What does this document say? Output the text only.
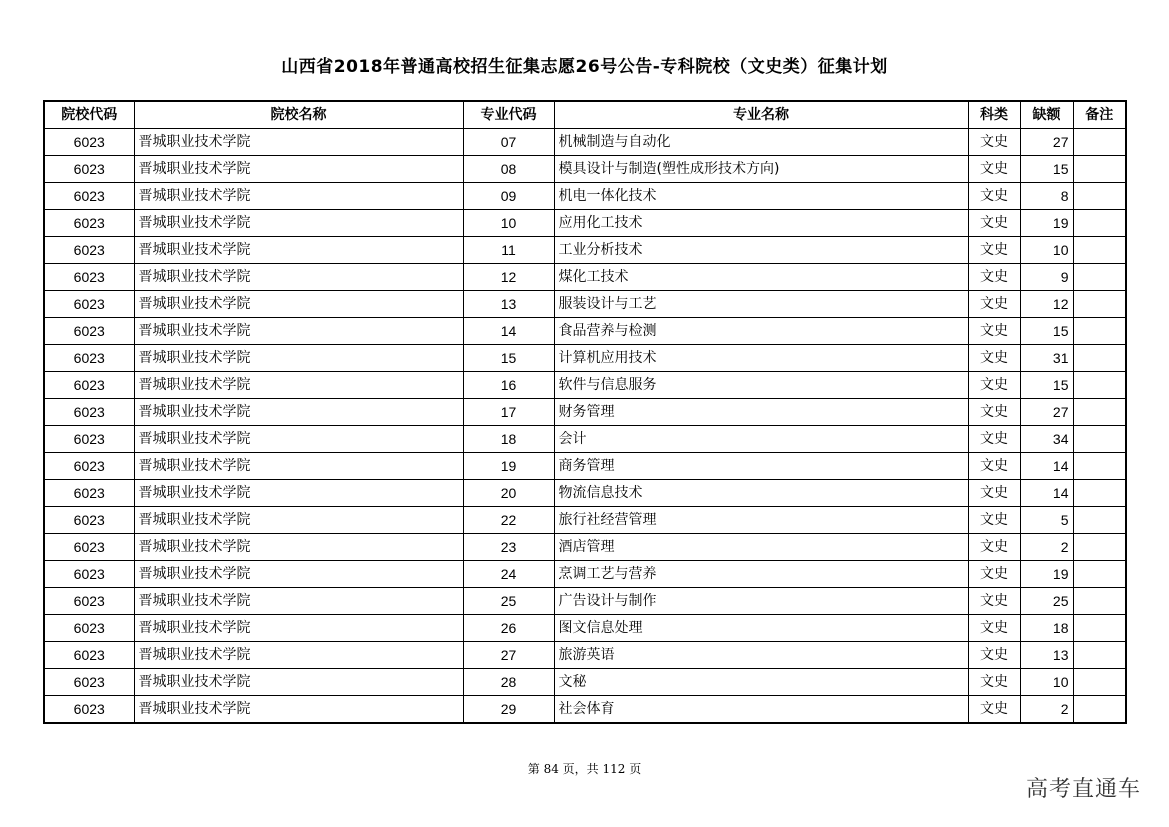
山西省2018年普通高校招生征集志愿26号公告-专科院校（文史类）征集计划
院校代码	院校名称	专业代码	专业名称	科类	缺额	备注
6023	晋城职业技术学院	07	机械制造与自动化	文史	27	
6023	晋城职业技术学院	08	模具设计与制造(塑性成形技术方向)	文史	15	
6023	晋城职业技术学院	09	机电一体化技术	文史	8	
6023	晋城职业技术学院	10	应用化工技术	文史	19	
6023	晋城职业技术学院	11	工业分析技术	文史	10	
6023	晋城职业技术学院	12	煤化工技术	文史	9	
6023	晋城职业技术学院	13	服装设计与工艺	文史	12	
6023	晋城职业技术学院	14	食品营养与检测	文史	15	
6023	晋城职业技术学院	15	计算机应用技术	文史	31	
6023	晋城职业技术学院	16	软件与信息服务	文史	15	
6023	晋城职业技术学院	17	财务管理	文史	27	
6023	晋城职业技术学院	18	会计	文史	34	
6023	晋城职业技术学院	19	商务管理	文史	14	
6023	晋城职业技术学院	20	物流信息技术	文史	14	
6023	晋城职业技术学院	22	旅行社经营管理	文史	5	
6023	晋城职业技术学院	23	酒店管理	文史	2	
6023	晋城职业技术学院	24	烹调工艺与营养	文史	19	
6023	晋城职业技术学院	25	广告设计与制作	文史	25	
6023	晋城职业技术学院	26	图文信息处理	文史	18	
6023	晋城职业技术学院	27	旅游英语	文史	13	
6023	晋城职业技术学院	28	文秘	文史	10	
6023	晋城职业技术学院	29	社会体育	文史	2	
第 84 页，共 112 页
高考直通车
